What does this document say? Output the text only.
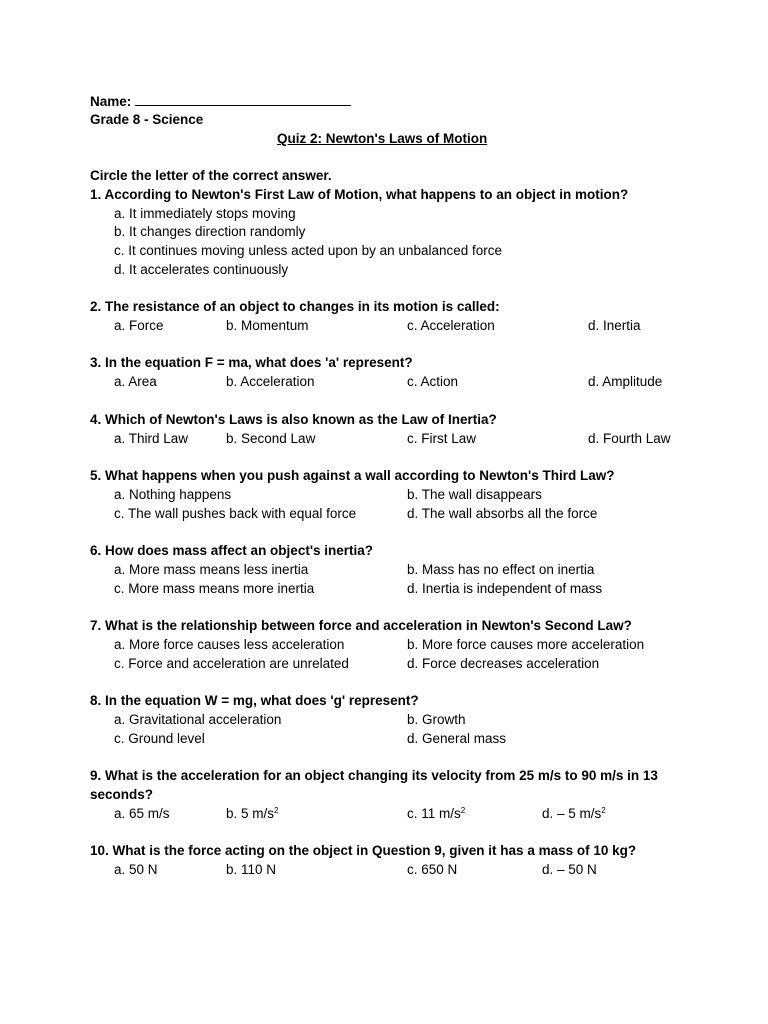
Name:
Grade 8 - Science
Quiz 2: Newton's Laws of Motion
Circle the letter of the correct answer.
1. According to Newton's First Law of Motion, what happens to an object in motion?
a. It immediately stops moving
b. It changes direction randomly
c. It continues moving unless acted upon by an unbalanced force
d. It accelerates continuously
2. The resistance of an object to changes in its motion is called:
a. Force	b. Momentum	c. Acceleration	d. Inertia
3. In the equation F = ma, what does 'a' represent?
a. Area	b. Acceleration	c. Action	d. Amplitude
4. Which of Newton's Laws is also known as the Law of Inertia?
a. Third Law	b. Second Law	c. First Law	d. Fourth Law
5. What happens when you push against a wall according to Newton's Third Law?
a. Nothing happens	b. The wall disappears
c. The wall pushes back with equal force	d. The wall absorbs all the force
6. How does mass affect an object's inertia?
a. More mass means less inertia	b. Mass has no effect on inertia
c. More mass means more inertia	d. Inertia is independent of mass
7. What is the relationship between force and acceleration in Newton's Second Law?
a. More force causes less acceleration	b. More force causes more acceleration
c. Force and acceleration are unrelated	d. Force decreases acceleration
8. In the equation W = mg, what does 'g' represent?
a. Gravitational acceleration	b. Growth
c. Ground level	d. General mass
9. What is the acceleration for an object changing its velocity from 25 m/s to 90 m/s in 13
seconds?
a. 65 m/s	b. 5 $m/s^2$	c. 11 $m/s^2$	d. – 5 $m/s^2$
10. What is the force acting on the object in Question 9, given it has a mass of 10 kg?
a. 50 N	b. 110 N	c. 650 N	d. – 50 N
